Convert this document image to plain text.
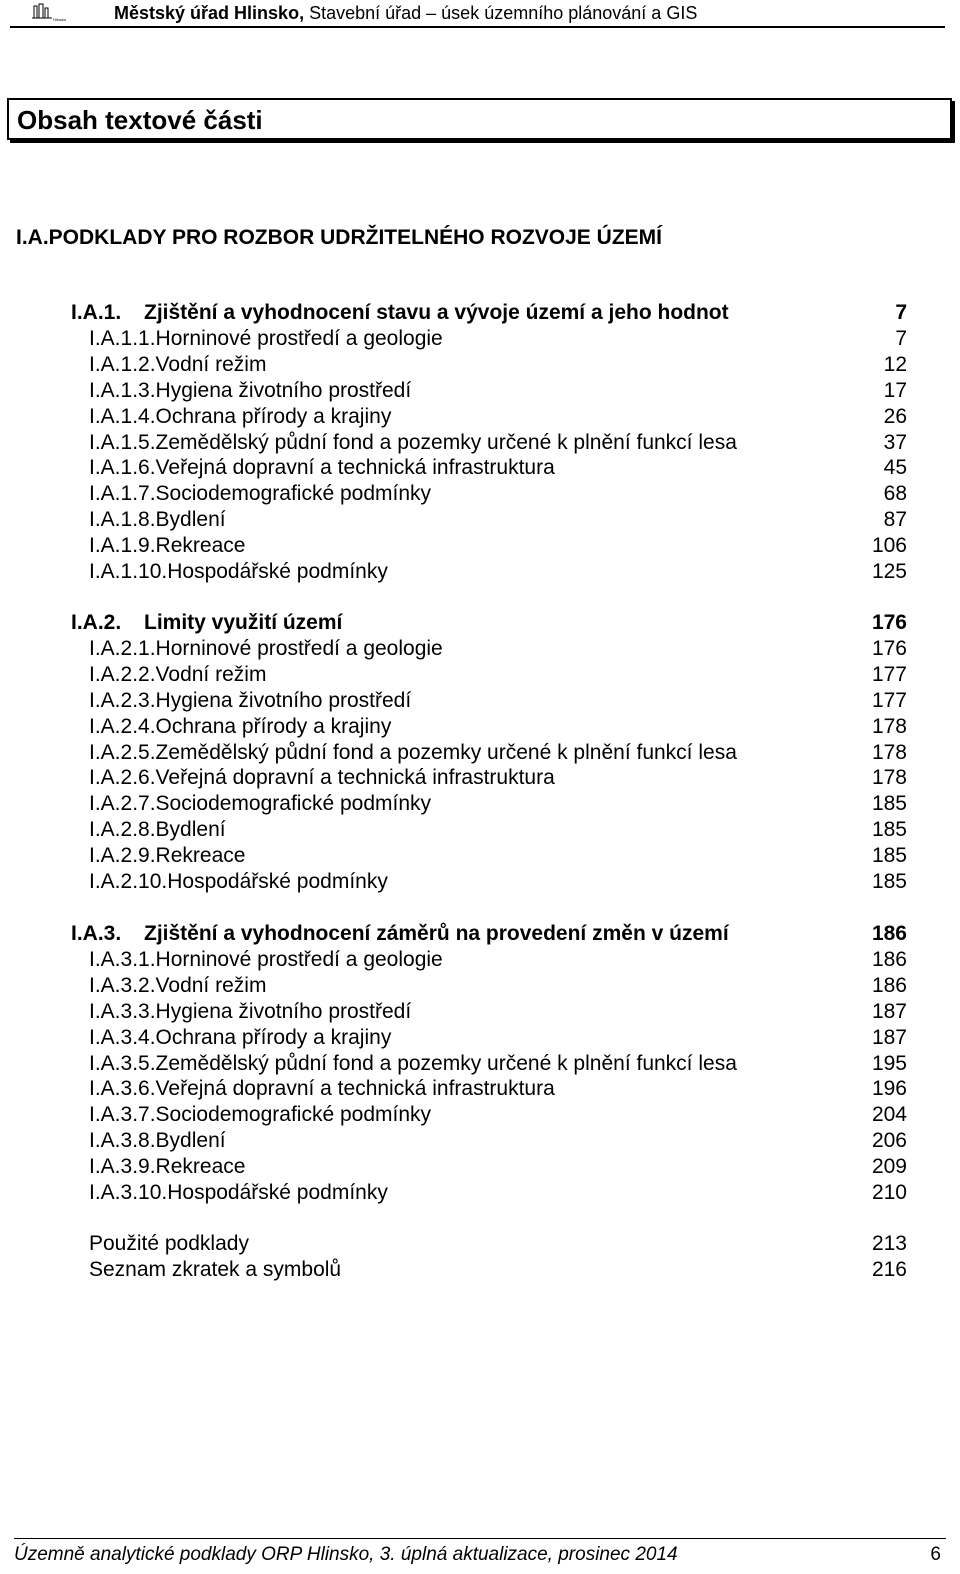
Hlinsko	Městský úřad Hlinsko, Stavební úřad – úsek územního plánování a GIS
Obsah textové části
I.A.PODKLADY PRO ROZBOR UDRŽITELNÉHO ROZVOJE ÚZEMÍ
I.A.1. Zjištění a vyhodnocení stavu a vývoje území a jeho hodnot	7
I.A.1.1.Horninové prostředí a geologie	7
I.A.1.2.Vodní režim	12
I.A.1.3.Hygiena životního prostředí	17
I.A.1.4.Ochrana přírody a krajiny	26
I.A.1.5.Zemědělský půdní fond a pozemky určené k plnění funkcí lesa	37
I.A.1.6.Veřejná dopravní a technická infrastruktura	45
I.A.1.7.Sociodemografické podmínky	68
I.A.1.8.Bydlení	87
I.A.1.9.Rekreace	106
I.A.1.10.Hospodářské podmínky	125
I.A.2. Limity využití území	176
I.A.2.1.Horninové prostředí a geologie	176
I.A.2.2.Vodní režim	177
I.A.2.3.Hygiena životního prostředí	177
I.A.2.4.Ochrana přírody a krajiny	178
I.A.2.5.Zemědělský půdní fond a pozemky určené k plnění funkcí lesa	178
I.A.2.6.Veřejná dopravní a technická infrastruktura	178
I.A.2.7.Sociodemografické podmínky	185
I.A.2.8.Bydlení	185
I.A.2.9.Rekreace	185
I.A.2.10.Hospodářské podmínky	185
I.A.3. Zjištění a vyhodnocení záměrů na provedení změn v území	186
I.A.3.1.Horninové prostředí a geologie	186
I.A.3.2.Vodní režim	186
I.A.3.3.Hygiena životního prostředí	187
I.A.3.4.Ochrana přírody a krajiny	187
I.A.3.5.Zemědělský půdní fond a pozemky určené k plnění funkcí lesa	195
I.A.3.6.Veřejná dopravní a technická infrastruktura	196
I.A.3.7.Sociodemografické podmínky	204
I.A.3.8.Bydlení	206
I.A.3.9.Rekreace	209
I.A.3.10.Hospodářské podmínky	210
Použité podklady	213
Seznam zkratek a symbolů	216
Územně analytické podklady ORP Hlinsko, 3. úplná aktualizace, prosinec 2014	6
